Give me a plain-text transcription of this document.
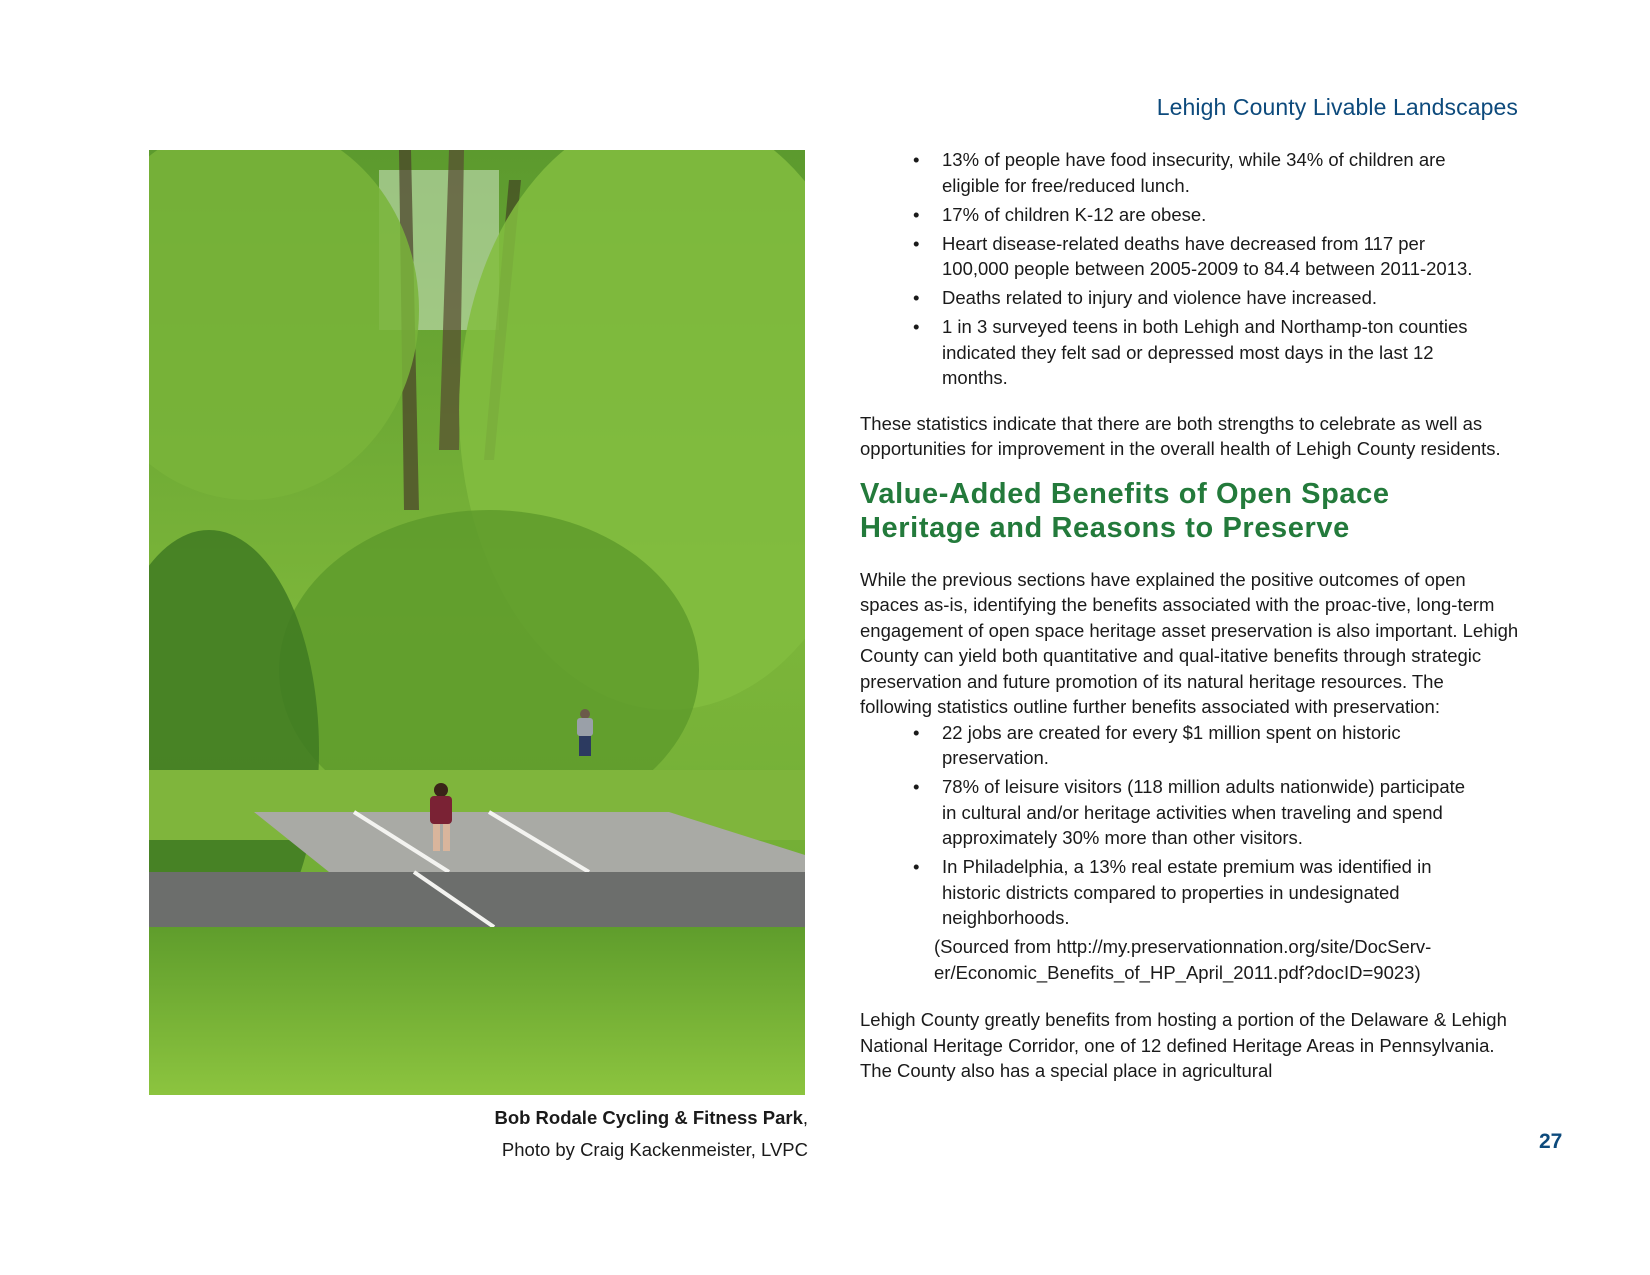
Lehigh County Livable Landscapes
Bob Rodale Cycling & Fitness Park,
Photo by Craig Kackenmeister, LVPC
• 13% of people have food insecurity, while 34% of children are eligible for free/reduced lunch.
• 17% of children K-12 are obese.
• Heart disease-related deaths have decreased from 117 per 100,000 people between 2005-2009 to 84.4 between 2011-2013.
• Deaths related to injury and violence have increased.
• 1 in 3 surveyed teens in both Lehigh and Northamp-ton counties indicated they felt sad or depressed most days in the last 12 months.

These statistics indicate that there are both strengths to celebrate as well as opportunities for improvement in the overall health of Lehigh County residents.

Value-Added Benefits of Open Space Heritage and Reasons to Preserve

While the previous sections have explained the positive outcomes of open spaces as-is, identifying the benefits associated with the proac-tive, long-term engagement of open space heritage asset preservation is also important. Lehigh County can yield both quantitative and qual-itative benefits through strategic preservation and future promotion of its natural heritage resources. The following statistics outline further benefits associated with preservation:

• 22 jobs are created for every $1 million spent on historic preservation.
• 78% of leisure visitors (118 million adults nationwide) participate in cultural and/or heritage activities when traveling and spend approximately 30% more than other visitors.
• In Philadelphia, a 13% real estate premium was identified in historic districts compared to properties in undesignated neighborhoods.

(Sourced from http://my.preservationnation.org/site/DocServ-er/Economic_Benefits_of_HP_April_2011.pdf?docID=9023)

Lehigh County greatly benefits from hosting a portion of the Delaware & Lehigh National Heritage Corridor, one of 12 defined Heritage Areas in Pennsylvania. The County also has a special place in agricultural

27
